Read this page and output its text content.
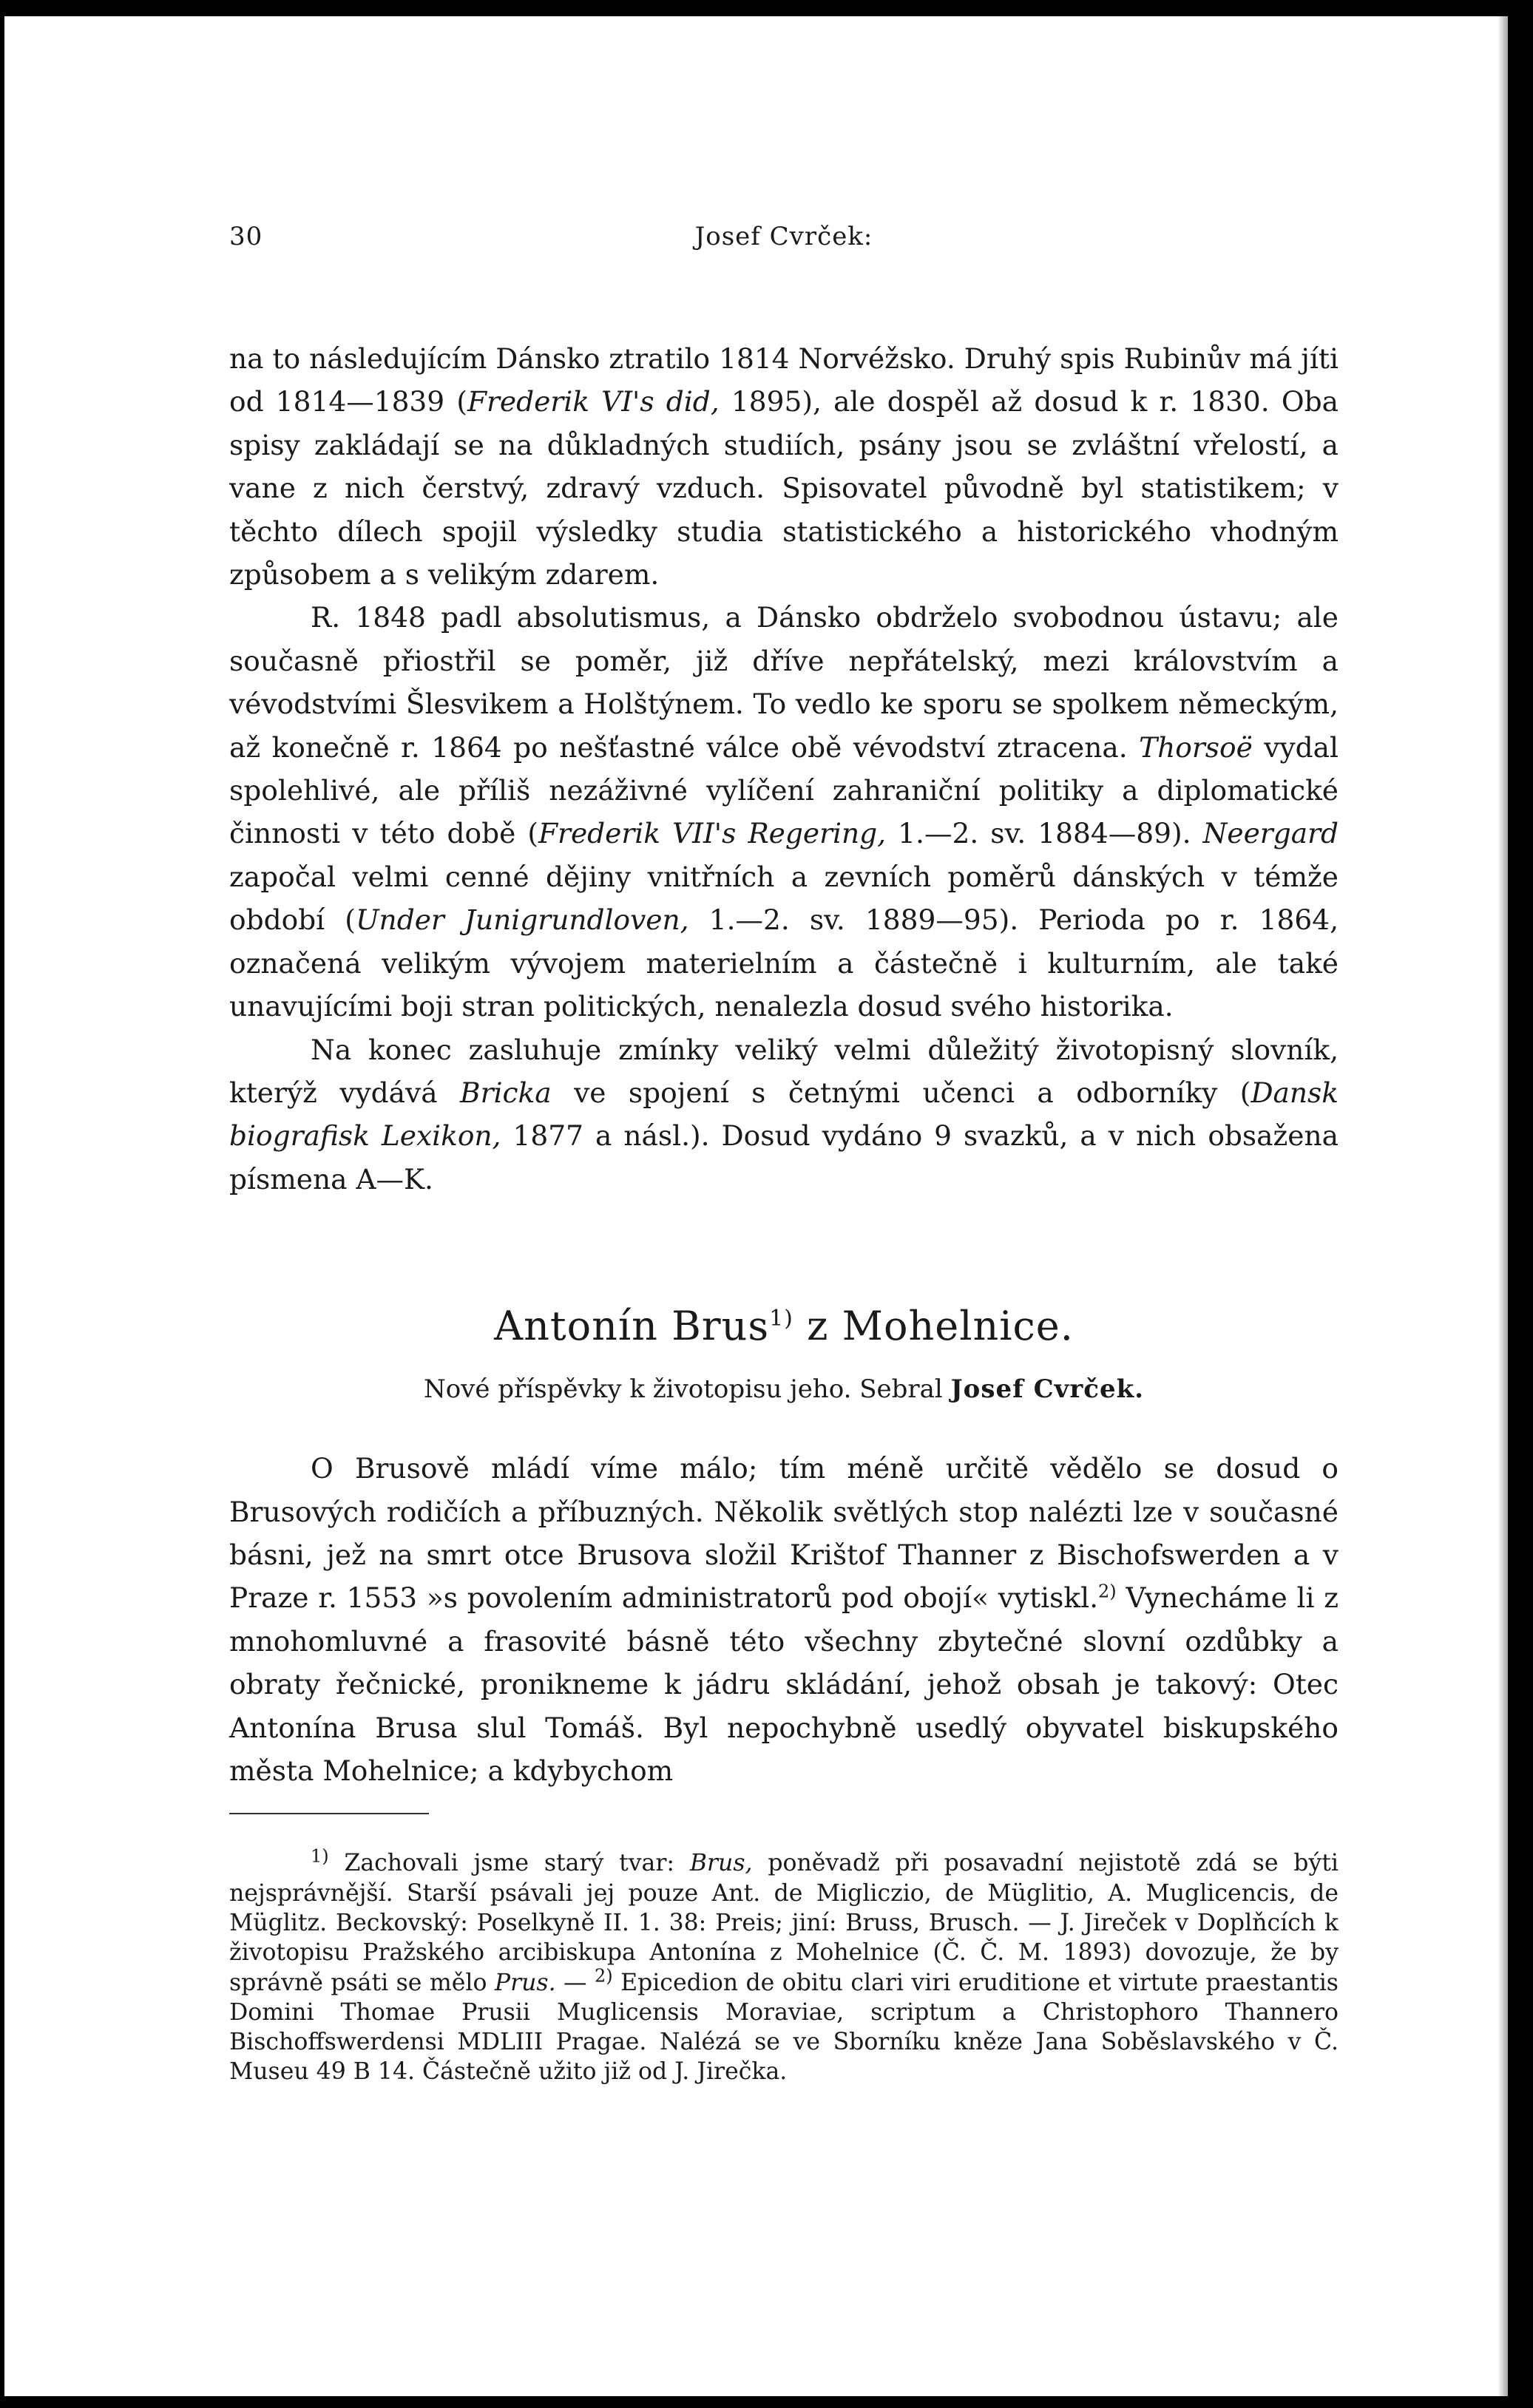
30	Josef Cvrček:

na to následujícím Dánsko ztratilo 1814 Norvéžsko. Druhý spis Rubinův má jíti od 1814—1839 (Frederik VI's did, 1895), ale dospěl až dosud k r. 1830. Oba spisy zakládají se na důkladných studiích, psány jsou se zvláštní vřelostí, a vane z nich čerstvý, zdravý vzduch. Spisovatel původně byl statistikem; v těchto dílech spojil výsledky studia statistického a historického vhodným způsobem a s velikým zdarem.

R. 1848 padl absolutismus, a Dánsko obdrželo svobodnou ústavu; ale současně přiostřil se poměr, již dříve nepřátelský, mezi královstvím a vévodstvími Šlesvikem a Holštýnem. To vedlo ke sporu se spolkem německým, až konečně r. 1864 po nešťastné válce obě vévodství ztracena. Thorsoë vydal spolehlivé, ale příliš nezáživné vylíčení zahraniční politiky a diplomatické činnosti v této době (Frederik VII's Regering, 1.—2. sv. 1884—89). Neergard započal velmi cenné dějiny vnitřních a zevních poměrů dánských v témže období (Under Junigrundloven, 1.—2. sv. 1889—95). Perioda po r. 1864, označená velikým vývojem materielním a částečně i kulturním, ale také unavujícími boji stran politických, nenalezla dosud svého historika.

Na konec zasluhuje zmínky veliký velmi důležitý životopisný slovník, kterýž vydává Bricka ve spojení s četnými učenci a odborníky (Dansk biografisk Lexikon, 1877 a násl.). Dosud vydáno 9 svazků, a v nich obsažena písmena A—K.

Antonín Brus$^{1)}$ z Mohelnice.
Nové příspěvky k životopisu jeho. Sebral Josef Cvrček.

O Brusově mládí víme málo; tím méně určitě vědělo se dosud o Brusových rodičích a příbuzných. Několik světlých stop nalézti lze v současné básni, jež na smrt otce Brusova složil Krištof Thanner z Bischofswerden a v Praze r. 1553 »s povolením administratorů pod obojí« vytiskl.$^{2)}$ Vynecháme li z mnohomluvné a frasovité básně této všechny zbytečné slovní ozdůbky a obraty řečnické, pronikneme k jádru skládání, jehož obsah je takový: Otec Antonína Brusa slul Tomáš. Byl nepochybně usedlý obyvatel biskupského města Mohelnice; a kdybychom

$^{1)}$ Zachovali jsme starý tvar: Brus, poněvadž při posavadní nejistotě zdá se býti nejsprávnější. Starší psávali jej pouze Ant. de Migliczio, de Müglitio, A. Muglicencis, de Müglitz. Beckovský: Poselkyně II. 1. 38: Preis; jiní: Bruss, Brusch. — J. Jireček v Doplňcích k životopisu Pražského arcibiskupa Antonína z Mohelnice (Č. Č. M. 1893) dovozuje, že by správně psáti se mělo Prus. — $^{2)}$ Epicedion de obitu clari viri eruditione et virtute praestantis Domini Thomae Prusii Muglicensis Moraviae, scriptum a Christophoro Thannero Bischoffswerdensi MDLIII Pragae. Nalézá se ve Sborníku kněze Jana Soběslavského v Č. Museu 49 B 14. Částečně užito již od J. Jirečka.
